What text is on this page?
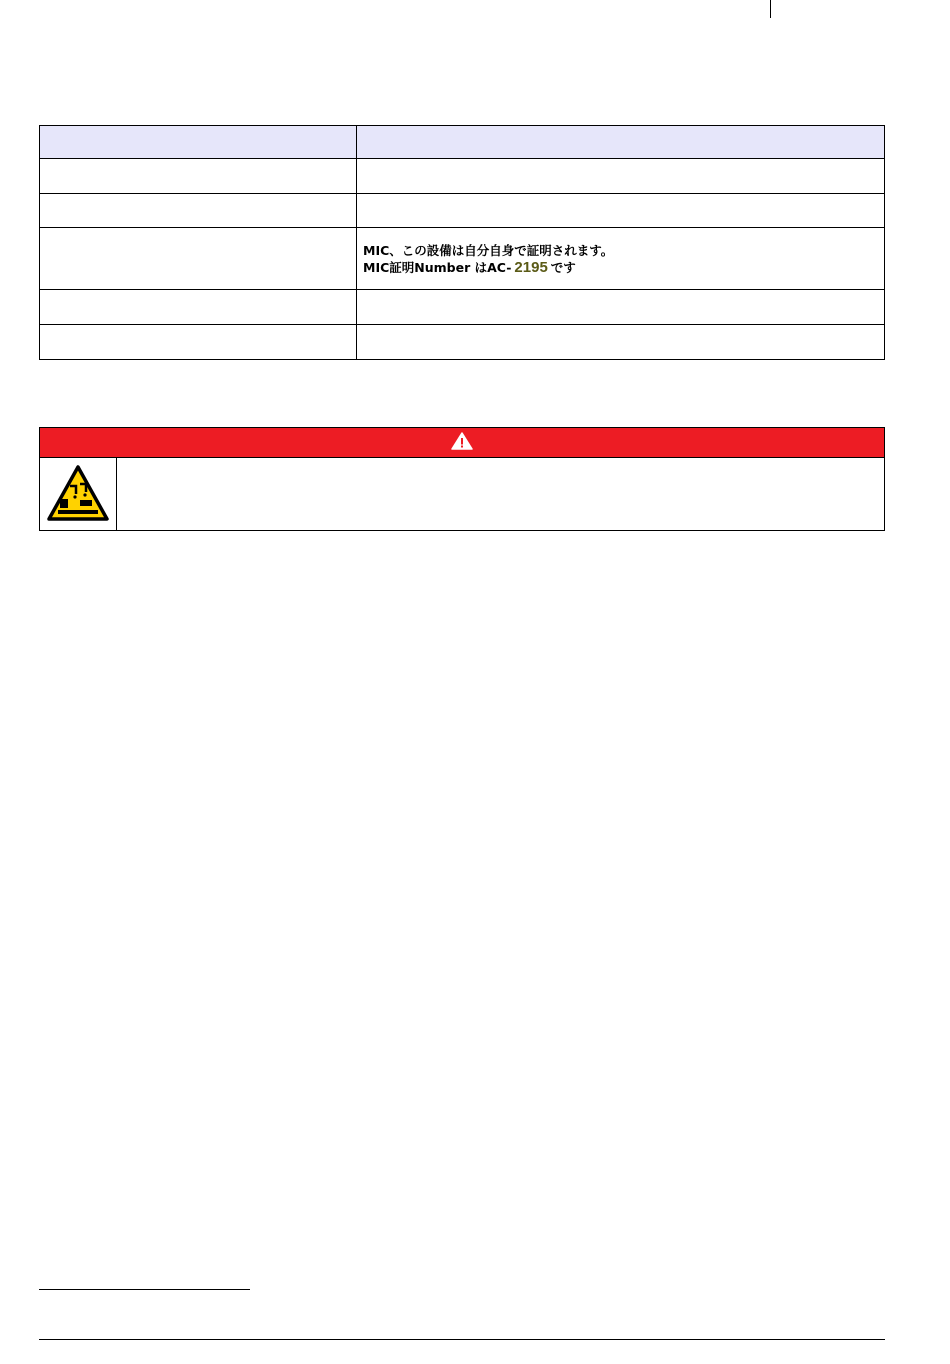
	MIC、この設備は自分自身で証明されます。
MIC証明Number はAC- 2195 です
